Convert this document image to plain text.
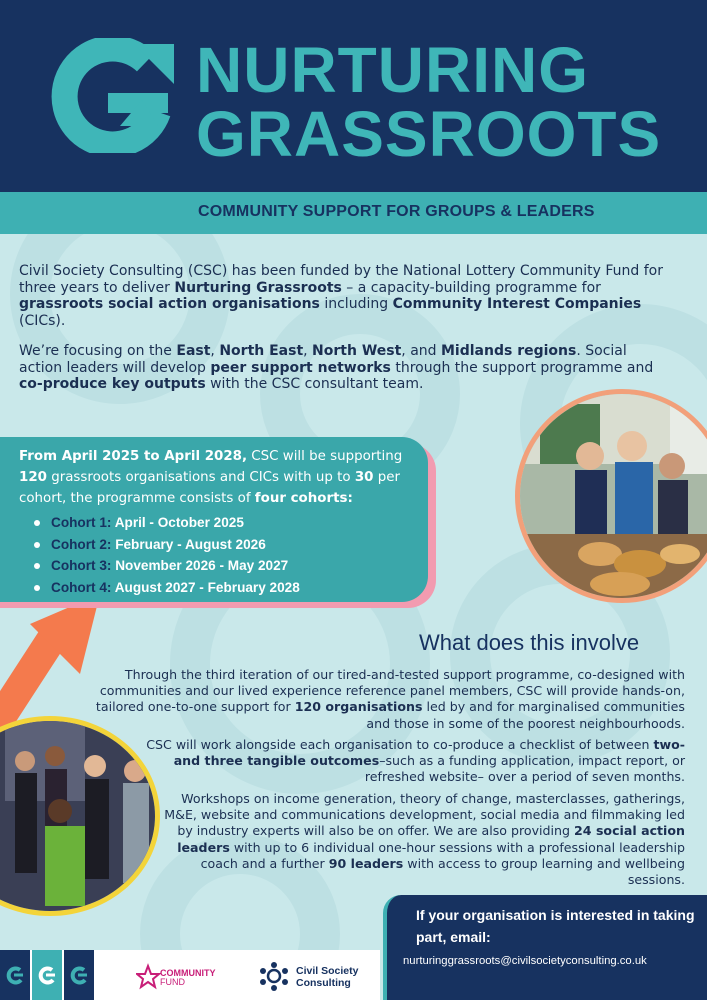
NURTURING
GRASSROOTS
COMMUNITY SUPPORT FOR GROUPS & LEADERS
Civil Society Consulting (CSC) has been funded by the National Lottery Community Fund for three years to deliver Nurturing Grassroots – a capacity-building programme for grassroots social action organisations including Community Interest Companies (CICs).
We’re focusing on the East, North East, North West, and Midlands regions. Social action leaders will develop peer support networks through the support programme and co-produce key outputs with the CSC consultant team.
From April 2025 to April 2028, CSC will be supporting 120 grassroots organisations and CICs with up to 30 per cohort, the programme consists of four cohorts:
Cohort 1: April - October 2025
Cohort 2: February - August 2026
Cohort 3: November 2026 - May 2027
Cohort 4: August 2027 - February 2028
What does this involve
Through the third iteration of our tired-and-tested support programme, co-designed with communities and our lived experience reference panel members, CSC will provide hands-on, tailored one-to-one support for 120 organisations led by and for marginalised communities and those in some of the poorest neighbourhoods.
CSC will work alongside each organisation to co-produce a checklist of between two- and three tangible outcomes–such as a funding application, impact report, or refreshed website– over a period of seven months.
Workshops on income generation, theory of change, masterclasses, gatherings, M&E, website and communications development, social media and filmmaking led by industry experts will also be on offer. We are also providing 24 social action leaders with up to 6 individual one-hour sessions with a professional leadership coach and a further 90 leaders with access to group learning and wellbeing sessions.
COMMUNITY
FUND
Civil Society
Consulting
If your organisation is interested in taking part, email:
nurturinggrassroots@civilsocietyconsulting.co.uk
